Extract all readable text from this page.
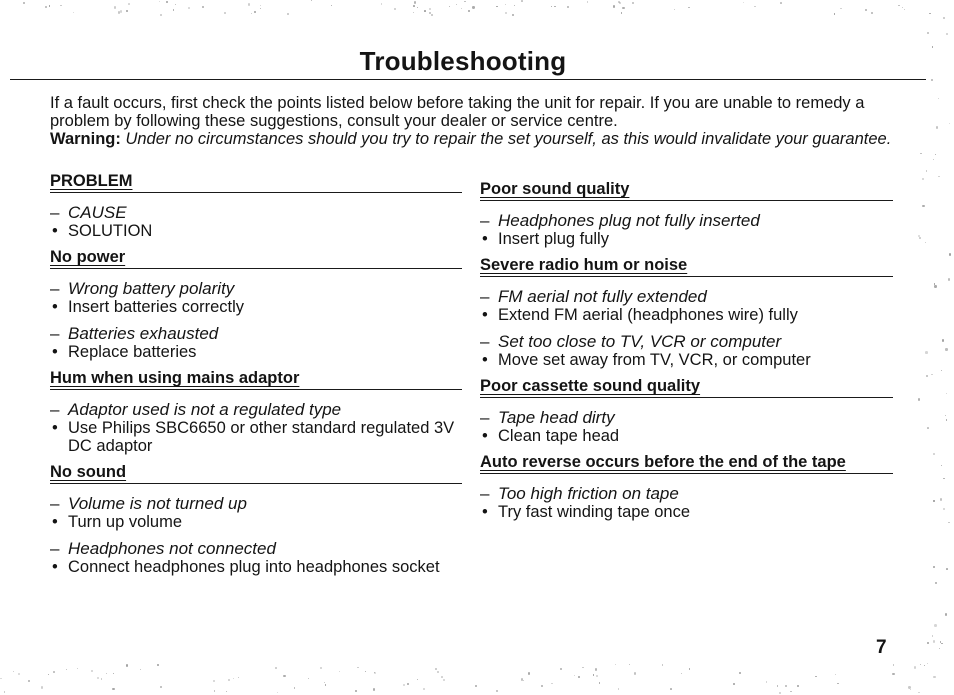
Troubleshooting

If a fault occurs, first check the points listed below before taking the unit for repair. If you are unable to remedy a problem by following these suggestions, consult your dealer or service centre.

Warning: Under no circumstances should you try to repair the set yourself, as this would invalidate your guarantee.

PROBLEM
– CAUSE
• SOLUTION
No power
– Wrong battery polarity
• Insert batteries correctly
– Batteries exhausted
• Replace batteries
Hum when using mains adaptor
– Adaptor used is not a regulated type
• Use Philips SBC6650 or other standard regulated 3V DC adaptor
No sound
– Volume is not turned up
• Turn up volume
– Headphones not connected
• Connect headphones plug into headphones socket
Poor sound quality
– Headphones plug not fully inserted
• Insert plug fully
Severe radio hum or noise
– FM aerial not fully extended
• Extend FM aerial (headphones wire) fully
– Set too close to TV, VCR or computer
• Move set away from TV, VCR, or computer
Poor cassette sound quality
– Tape head dirty
• Clean tape head
Auto reverse occurs before the end of the tape
– Too high friction on tape
• Try fast winding tape once
7
